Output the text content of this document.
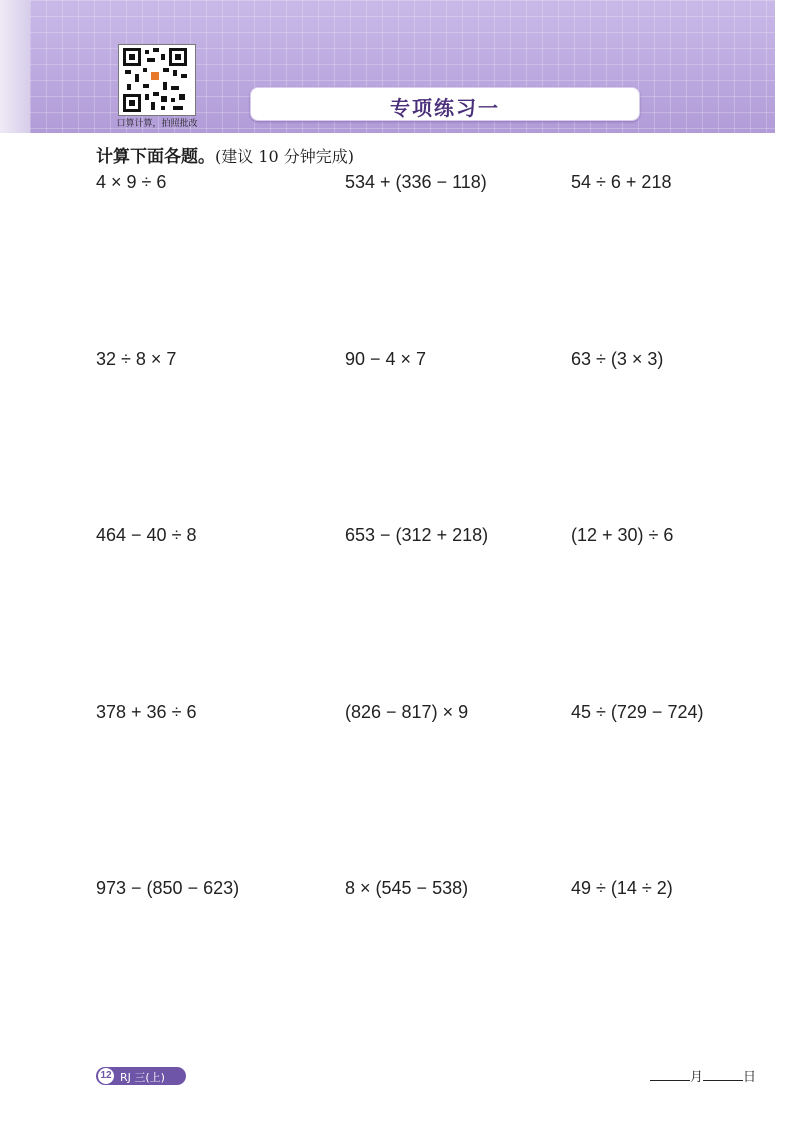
口算计算，拍照批改
专项练习一
计算下面各题。(建议 10 分钟完成)
4 × 9 ÷ 6	534 + (336 − 118)	54 ÷ 6 + 218
32 ÷ 8 × 7	90 − 4 × 7	63 ÷ (3 × 3)
464 − 40 ÷ 8	653 − (312 + 218)	(12 + 30) ÷ 6
378 + 36 ÷ 6	(826 − 817) × 9	45 ÷ (729 − 724)
973 − (850 − 623)	8 × (545 − 538)	49 ÷ (14 ÷ 2)
12 RJ 三(上)	月	日
